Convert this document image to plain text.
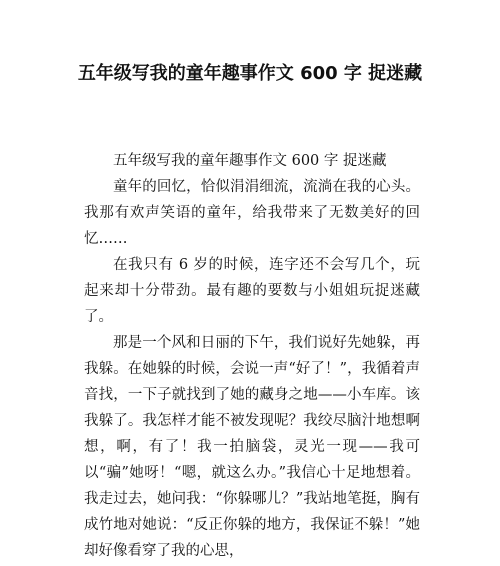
五年级写我的童年趣事作文 600 字 捉迷藏

五年级写我的童年趣事作文 600 字 捉迷藏

童年的回忆，恰似涓涓细流，流淌在我的心头。我那有欢声笑语的童年，给我带来了无数美好的回忆……

在我只有 6 岁的时候，连字还不会写几个，玩起来却十分带劲。最有趣的要数与小姐姐玩捉迷藏了。

那是一个风和日丽的下午，我们说好先她躲，再我躲。在她躲的时候，会说一声“好了！”，我循着声音找，一下子就找到了她的藏身之地——小车库。该我躲了。我怎样才能不被发现呢？我绞尽脑汁地想啊想，啊，有了！我一拍脑袋，灵光一现——我可以“骗”她呀！“嗯，就这么办。”我信心十足地想着。我走过去，她问我：“你躲哪儿？”我站地笔挺，胸有成竹地对她说：“反正你躲的地方，我保证不躲！”她却好像看穿了我的心思，
